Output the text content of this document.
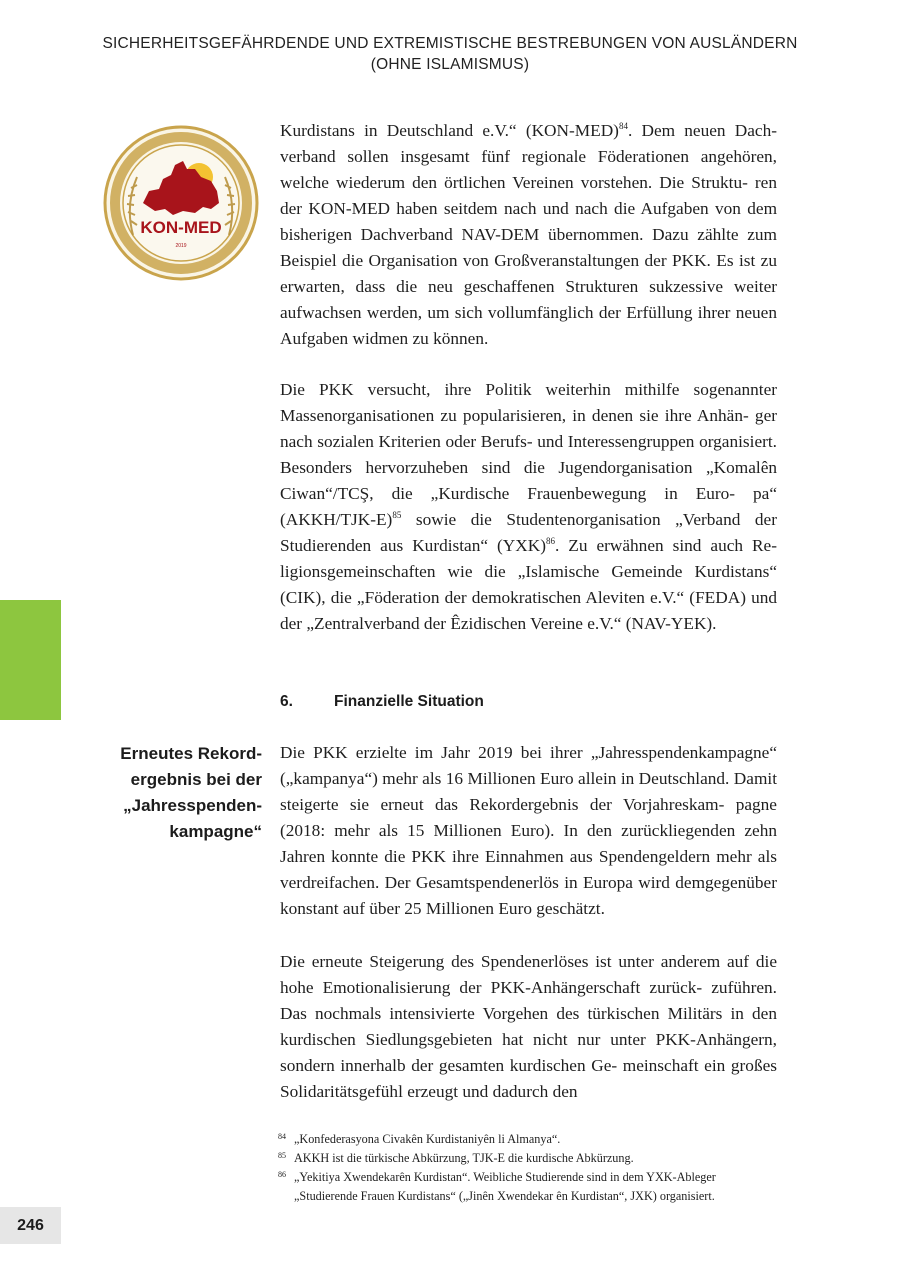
SICHERHEITSGEFÄHRDENDE UND EXTREMISTISCHE BESTREBUNGEN VON AUSLÄNDERN
(OHNE ISLAMISMUS)
KON-MED
2019

Kurdistans in Deutschland e.V.“ $(KON-MED)^{84}$. Dem neuen Dach- verband sollen insgesamt fünf regionale Föderationen angehören, welche wiederum den örtlichen Vereinen vorstehen. Die Struktu- ren der KON-MED haben seitdem nach und nach die Aufgaben von dem bisherigen Dachverband NAV-DEM übernommen. Dazu zählte zum Beispiel die Organisation von Großveranstaltungen der PKK. Es ist zu erwarten, dass die neu geschaffenen Strukturen sukzessive weiter aufwachsen werden, um sich vollumfänglich der Erfüllung ihrer neuen Aufgaben widmen zu können.

Die PKK versucht, ihre Politik weiterhin mithilfe sogenannter Massenorganisationen zu popularisieren, in denen sie ihre Anhän- ger nach sozialen Kriterien oder Berufs- und Interessengruppen organisiert. Besonders hervorzuheben sind die Jugendorganisation „Komalên Ciwan“/TCŞ, die „Kurdische Frauenbewegung in Euro- pa“ (AKKH/TJK-E)$^{85}$ sowie die Studentenorganisation „Verband der Studierenden aus Kurdistan“ (YXK)$^{86}$. Zu erwähnen sind auch Re- ligionsgemeinschaften wie die „Islamische Gemeinde Kurdistans“ (CIK), die „Föderation der demokratischen Aleviten e.V.“ (FEDA) und der „Zentralverband der Êzidischen Vereine e.V.“ (NAV-YEK).

6.	Finanzielle Situation
Erneutes Rekord-
ergebnis bei der
„Jahresspenden-
kampagne“

Die PKK erzielte im Jahr 2019 bei ihrer „Jahresspendenkampagne“ („kampanya“) mehr als 16 Millionen Euro allein in Deutschland. Damit steigerte sie erneut das Rekordergebnis der Vorjahreskam- pagne (2018: mehr als 15 Millionen Euro). In den zurückliegenden zehn Jahren konnte die PKK ihre Einnahmen aus Spendengeldern mehr als verdreifachen. Der Gesamtspendenerlös in Europa wird demgegenüber konstant auf über 25 Millionen Euro geschätzt.

Die erneute Steigerung des Spendenerlöses ist unter anderem auf die hohe Emotionalisierung der PKK-Anhängerschaft zurück- zuführen. Das nochmals intensivierte Vorgehen des türkischen Militärs in den kurdischen Siedlungsgebieten hat nicht nur unter PKK-Anhängern, sondern innerhalb der gesamten kurdischen Ge- meinschaft ein großes Solidaritätsgefühl erzeugt und dadurch den

84 „Konfederasyona Civakên Kurdistaniyên li Almanya“.
85 AKKH ist die türkische Abkürzung, TJK-E die kurdische Abkürzung.
86 „Yekitiya Xwendekarên Kurdistan“. Weibliche Studierende sind in dem YXK-Ableger
„Studierende Frauen Kurdistans“ („Jinên Xwendekar ên Kurdistan“, JXK) organisiert.
246
